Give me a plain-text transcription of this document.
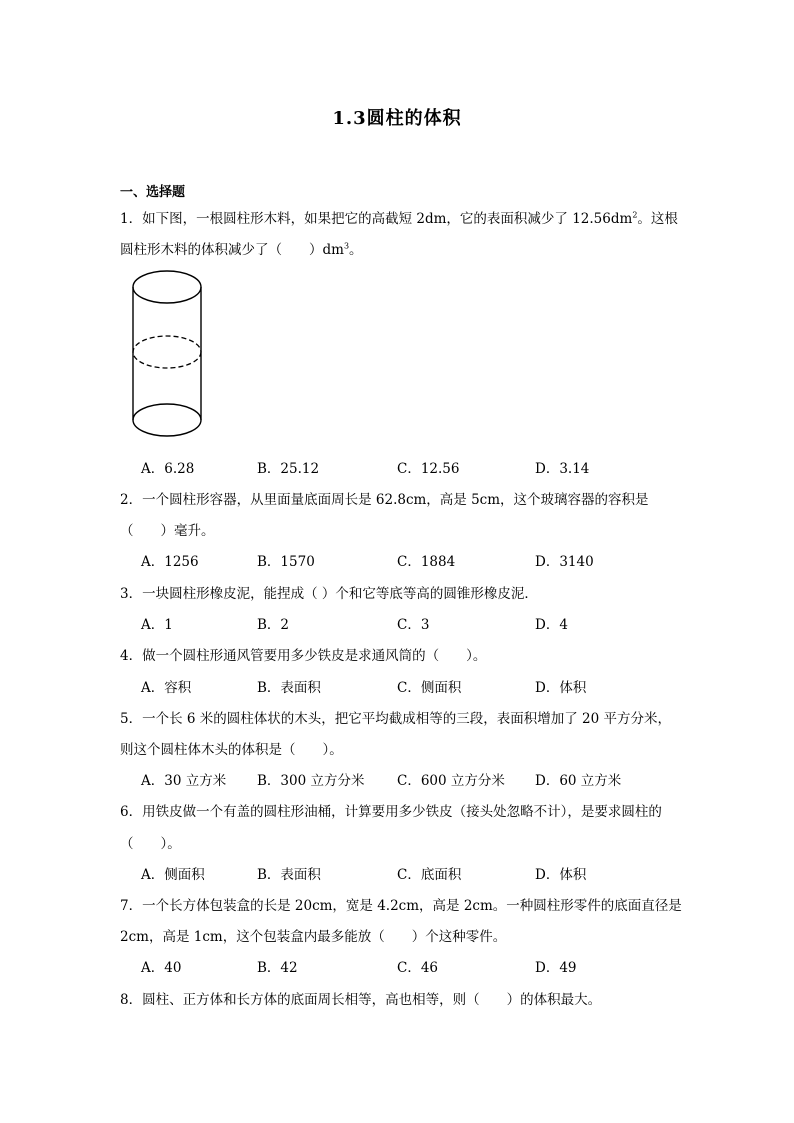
1.3圆柱的体积
一、选择题
1．如下图，一根圆柱形木料，如果把它的高截短 2dm，它的表面积减少了 $12.56dm^2$。这根
圆柱形木料的体积减少了（　　）$dm^3$。
A．6.28	B．25.12	C．12.56	D．3.14
2．一个圆柱形容器，从里面量底面周长是 62.8cm，高是 5cm，这个玻璃容器的容积是
（　　）毫升。
A．1256	B．1570	C．1884	D．3140
3．一块圆柱形橡皮泥，能捏成（ ）个和它等底等高的圆锥形橡皮泥．
A．1	B．2	C．3	D．4
4．做一个圆柱形通风管要用多少铁皮是求通风筒的（　　）。
A．容积	B．表面积	C．侧面积	D．体积
5．一个长 6 米的圆柱体状的木头，把它平均截成相等的三段，表面积增加了 20 平方分米，
则这个圆柱体木头的体积是（　　）。
A．30 立方米 B．300 立方分米 C．600 立方分米 D．60 立方米
6．用铁皮做一个有盖的圆柱形油桶，计算要用多少铁皮（接头处忽略不计），是要求圆柱的
（　　）。
A．侧面积	B．表面积	C．底面积	D．体积
7．一个长方体包装盒的长是 20cm，宽是 4.2cm，高是 2cm。一种圆柱形零件的底面直径是
2cm，高是 1cm，这个包装盒内最多能放（　　）个这种零件。
A．40	B．42	C．46	D．49
8．圆柱、正方体和长方体的底面周长相等，高也相等，则（　　）的体积最大。
